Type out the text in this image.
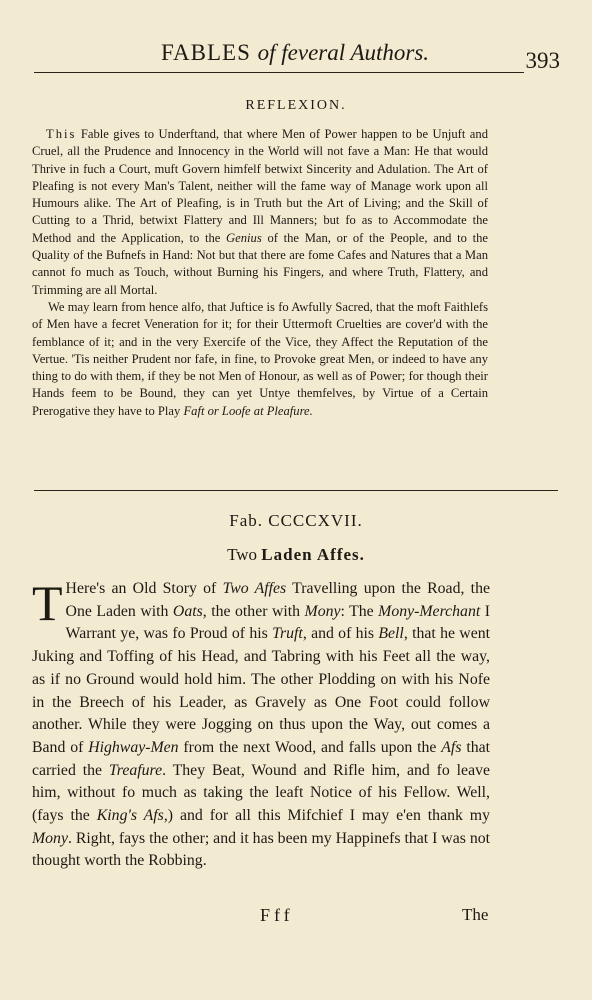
FABLES of feveral Authors.	393
REFLEXION.

This Fable gives to Underftand, that where Men of Power happen to be Unjuft and Cruel, all the Prudence and Innocency in the World will not fave a Man: He that would Thrive in fuch a Court, muft Govern himfelf betwixt Sincerity and Adulation. The Art of Pleafing is not every Man's Talent, neither will the fame way of Manage work upon all Humours alike. The Art of Pleafing, is in Truth but the Art of Living; and the Skill of Cutting to a Thrid, betwixt Flattery and Ill Manners; but fo as to Accommodate the Method and the Application, to the Genius of the Man, or of the People, and to the Quality of the Bufnefs in Hand: Not but that there are fome Cafes and Natures that a Man cannot fo much as Touch, without Burning his Fingers, and where Truth, Flattery, and Trimming are all Mortal.

We may learn from hence alfo, that Juftice is fo Awfully Sacred, that the moft Faithlefs of Men have a fecret Veneration for it; for their Uttermoft Cruelties are cover'd with the femblance of it; and in the very Exercife of the Vice, they Affect the Reputation of the Vertue. 'Tis neither Prudent nor fafe, in fine, to Provoke great Men, or indeed to have any thing to do with them, if they be not Men of Honour, as well as of Power; for though their Hands feem to be Bound, they can yet Untye themfelves, by Virtue of a Certain Prerogative they have to Play Faft or Loofe at Pleafure.

Fab. CCCCXVII.
Two Laden Affes.
T Here's an Old Story of Two Affes Travelling upon the Road, the One Laden with Oats, the other with Mony: The Mony-Merchant I Warrant ye, was fo Proud of his Truft, and of his Bell, that he went Juking and Toffing of his Head, and Tabring with his Feet all the way, as if no Ground would hold him. The other Plodding on with his Nofe in the Breech of his Leader, as Gravely as One Foot could follow another. While they were Jogging on thus upon the Way, out comes a Band of Highway-Men from the next Wood, and falls upon the Afs that carried the Treafure. They Beat, Wound and Rifle him, and fo leave him, without fo much as taking the leaft Notice of his Fellow. Well, (fays the King's Afs,) and for all this Mifchief I may e'en thank my Mony. Right, fays the other; and it has been my Happinefs that I was not thought worth the Robbing.

Fff	The
